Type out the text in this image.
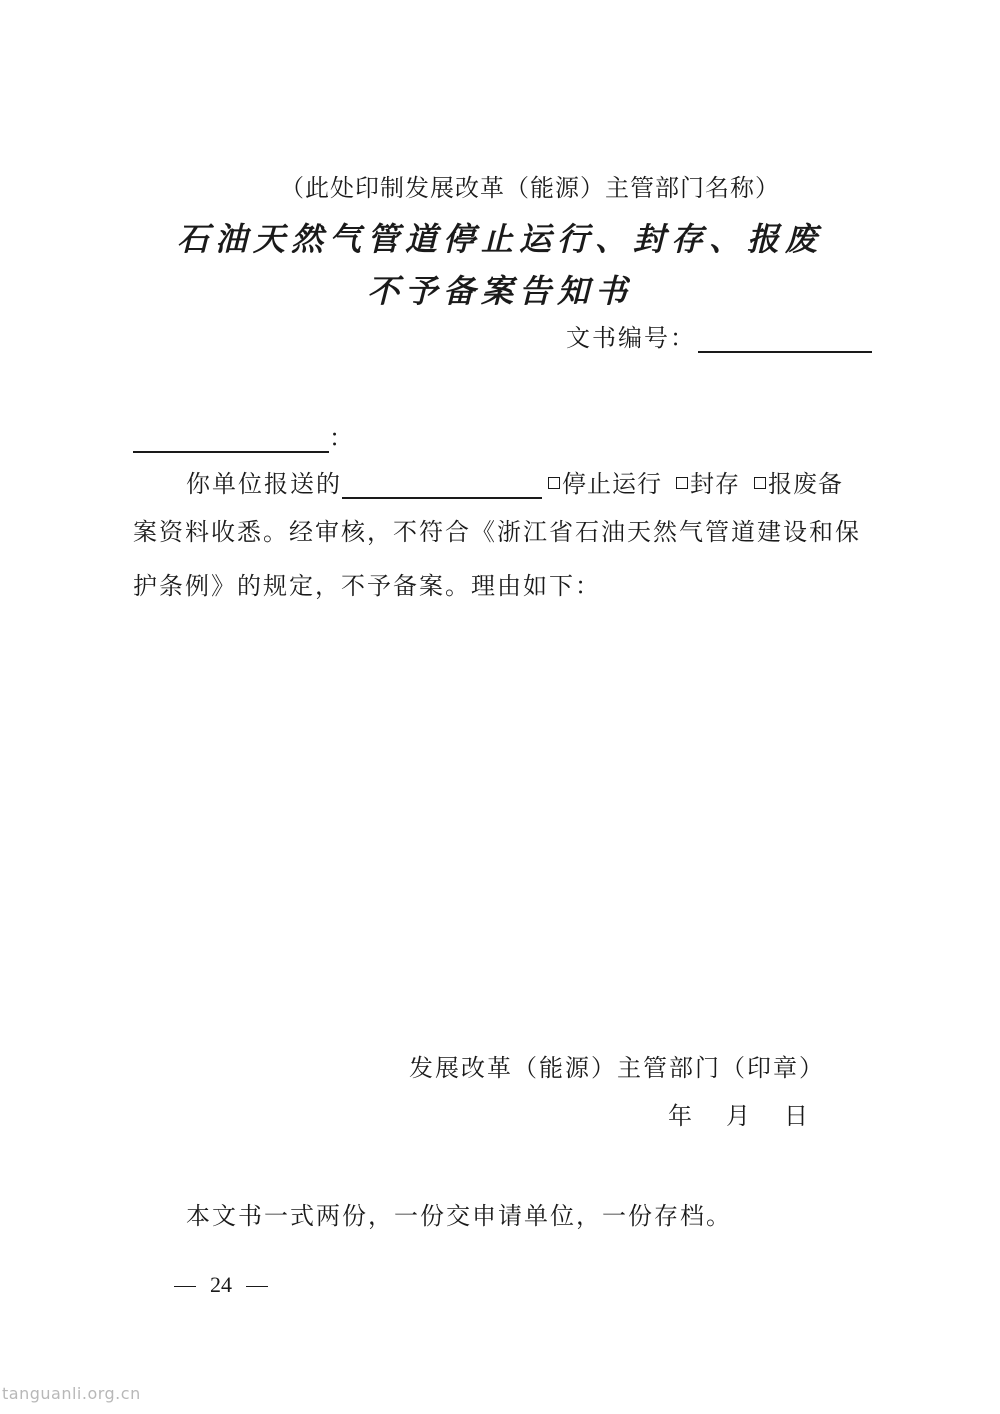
（此处印制发展改革（能源）主管部门名称）
石油天然气管道停止运行、封存、报废
不予备案告知书
文书编号：
：
你单位报送的	停止运行 封存 报废备
案资料收悉。经审核，不符合《浙江省石油天然气管道建设和保
护条例》的规定，不予备案。理由如下：
发展改革（能源）主管部门（印章）
年 月 日
本文书一式两份，一份交申请单位，一份存档。
24
tanguanli.org.cn
